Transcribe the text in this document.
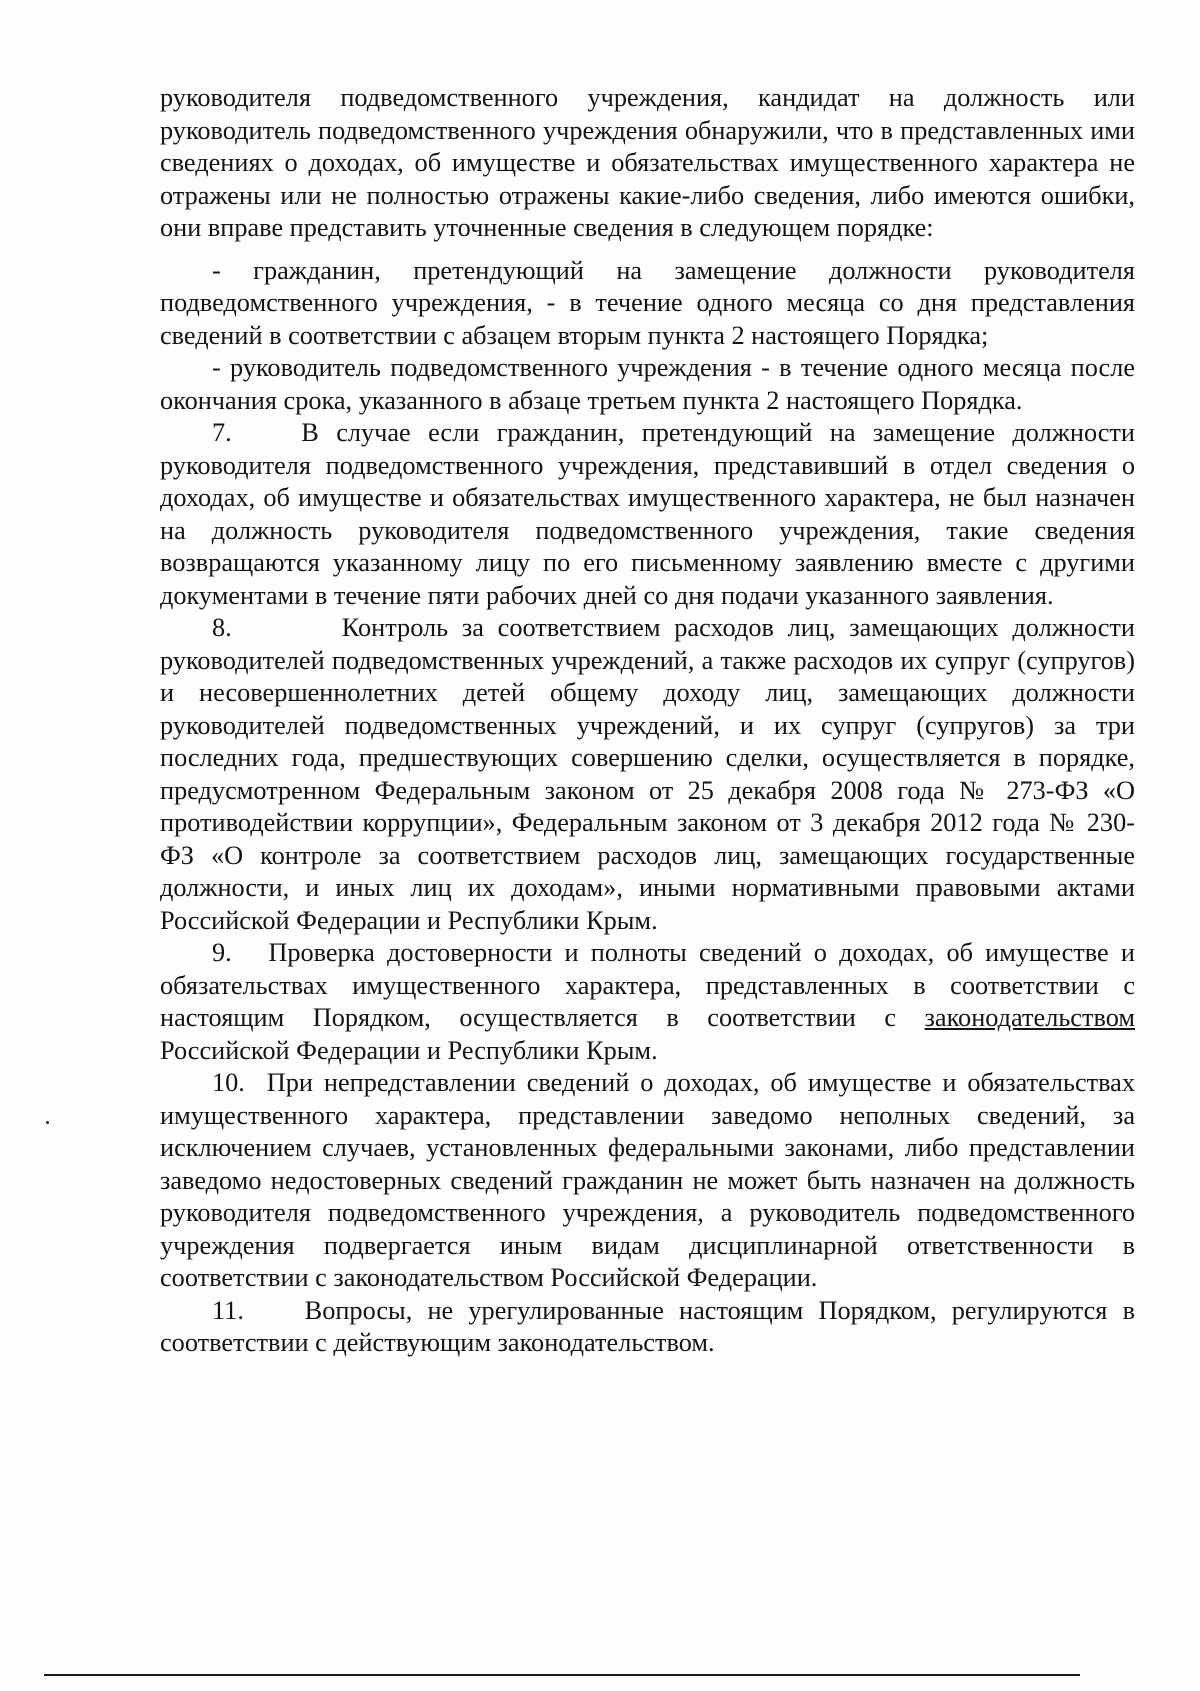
руководителя подведомственного учреждения, кандидат на должность или руководитель подведомственного учреждения обнаружили, что в представленных ими сведениях о доходах, об имуществе и обязательствах имущественного характера не отражены или не полностью отражены какие-либо сведения, либо имеются ошибки, они вправе представить уточненные сведения в следующем порядке:

- гражданин, претендующий на замещение должности руководителя подведомственного учреждения, - в течение одного месяца со дня представления сведений в соответствии с абзацем вторым пункта 2 настоящего Порядка;

- руководитель подведомственного учреждения - в течение одного месяца после окончания срока, указанного в абзаце третьем пункта 2 настоящего Порядка.

7.	В случае если гражданин, претендующий на замещение должности руководителя подведомственного учреждения, представивший в отдел сведения о доходах, об имуществе и обязательствах имущественного характера, не был назначен на должность руководителя подведомственного учреждения, такие сведения возвращаются указанному лицу по его письменному заявлению вместе с другими документами в течение пяти рабочих дней со дня подачи указанного заявления.

8.	Контроль за соответствием расходов лиц, замещающих должности руководителей подведомственных учреждений, а также расходов их супруг (супругов) и несовершеннолетних детей общему доходу лиц, замещающих должности руководителей подведомственных учреждений, и их супруг (супругов) за три последних года, предшествующих совершению сделки, осуществляется в порядке, предусмотренном Федеральным законом от 25 декабря 2008 года № 273-ФЗ «О противодействии коррупции», Федеральным законом от 3 декабря 2012 года № 230-ФЗ «О контроле за соответствием расходов лиц, замещающих государственные должности, и иных лиц их доходам», иными нормативными правовыми актами Российской Федерации и Республики Крым.

9. Проверка достоверности и полноты сведений о доходах, об имуществе и обязательствах имущественного характера, представленных в соответствии с настоящим Порядком, осуществляется в соответствии с законодательством Российской Федерации и Республики Крым.

10. При непредставлении сведений о доходах, об имуществе и обязательствах имущественного характера, представлении заведомо неполных сведений, за исключением случаев, установленных федеральными законами, либо представлении заведомо недостоверных сведений гражданин не может быть назначен на должность руководителя подведомственного учреждения, а руководитель подведомственного учреждения подвергается иным видам дисциплинарной ответственности в соответствии с законодательством Российской Федерации.

11. Вопросы, не урегулированные настоящим Порядком, регулируются в соответствии с действующим законодательством.
